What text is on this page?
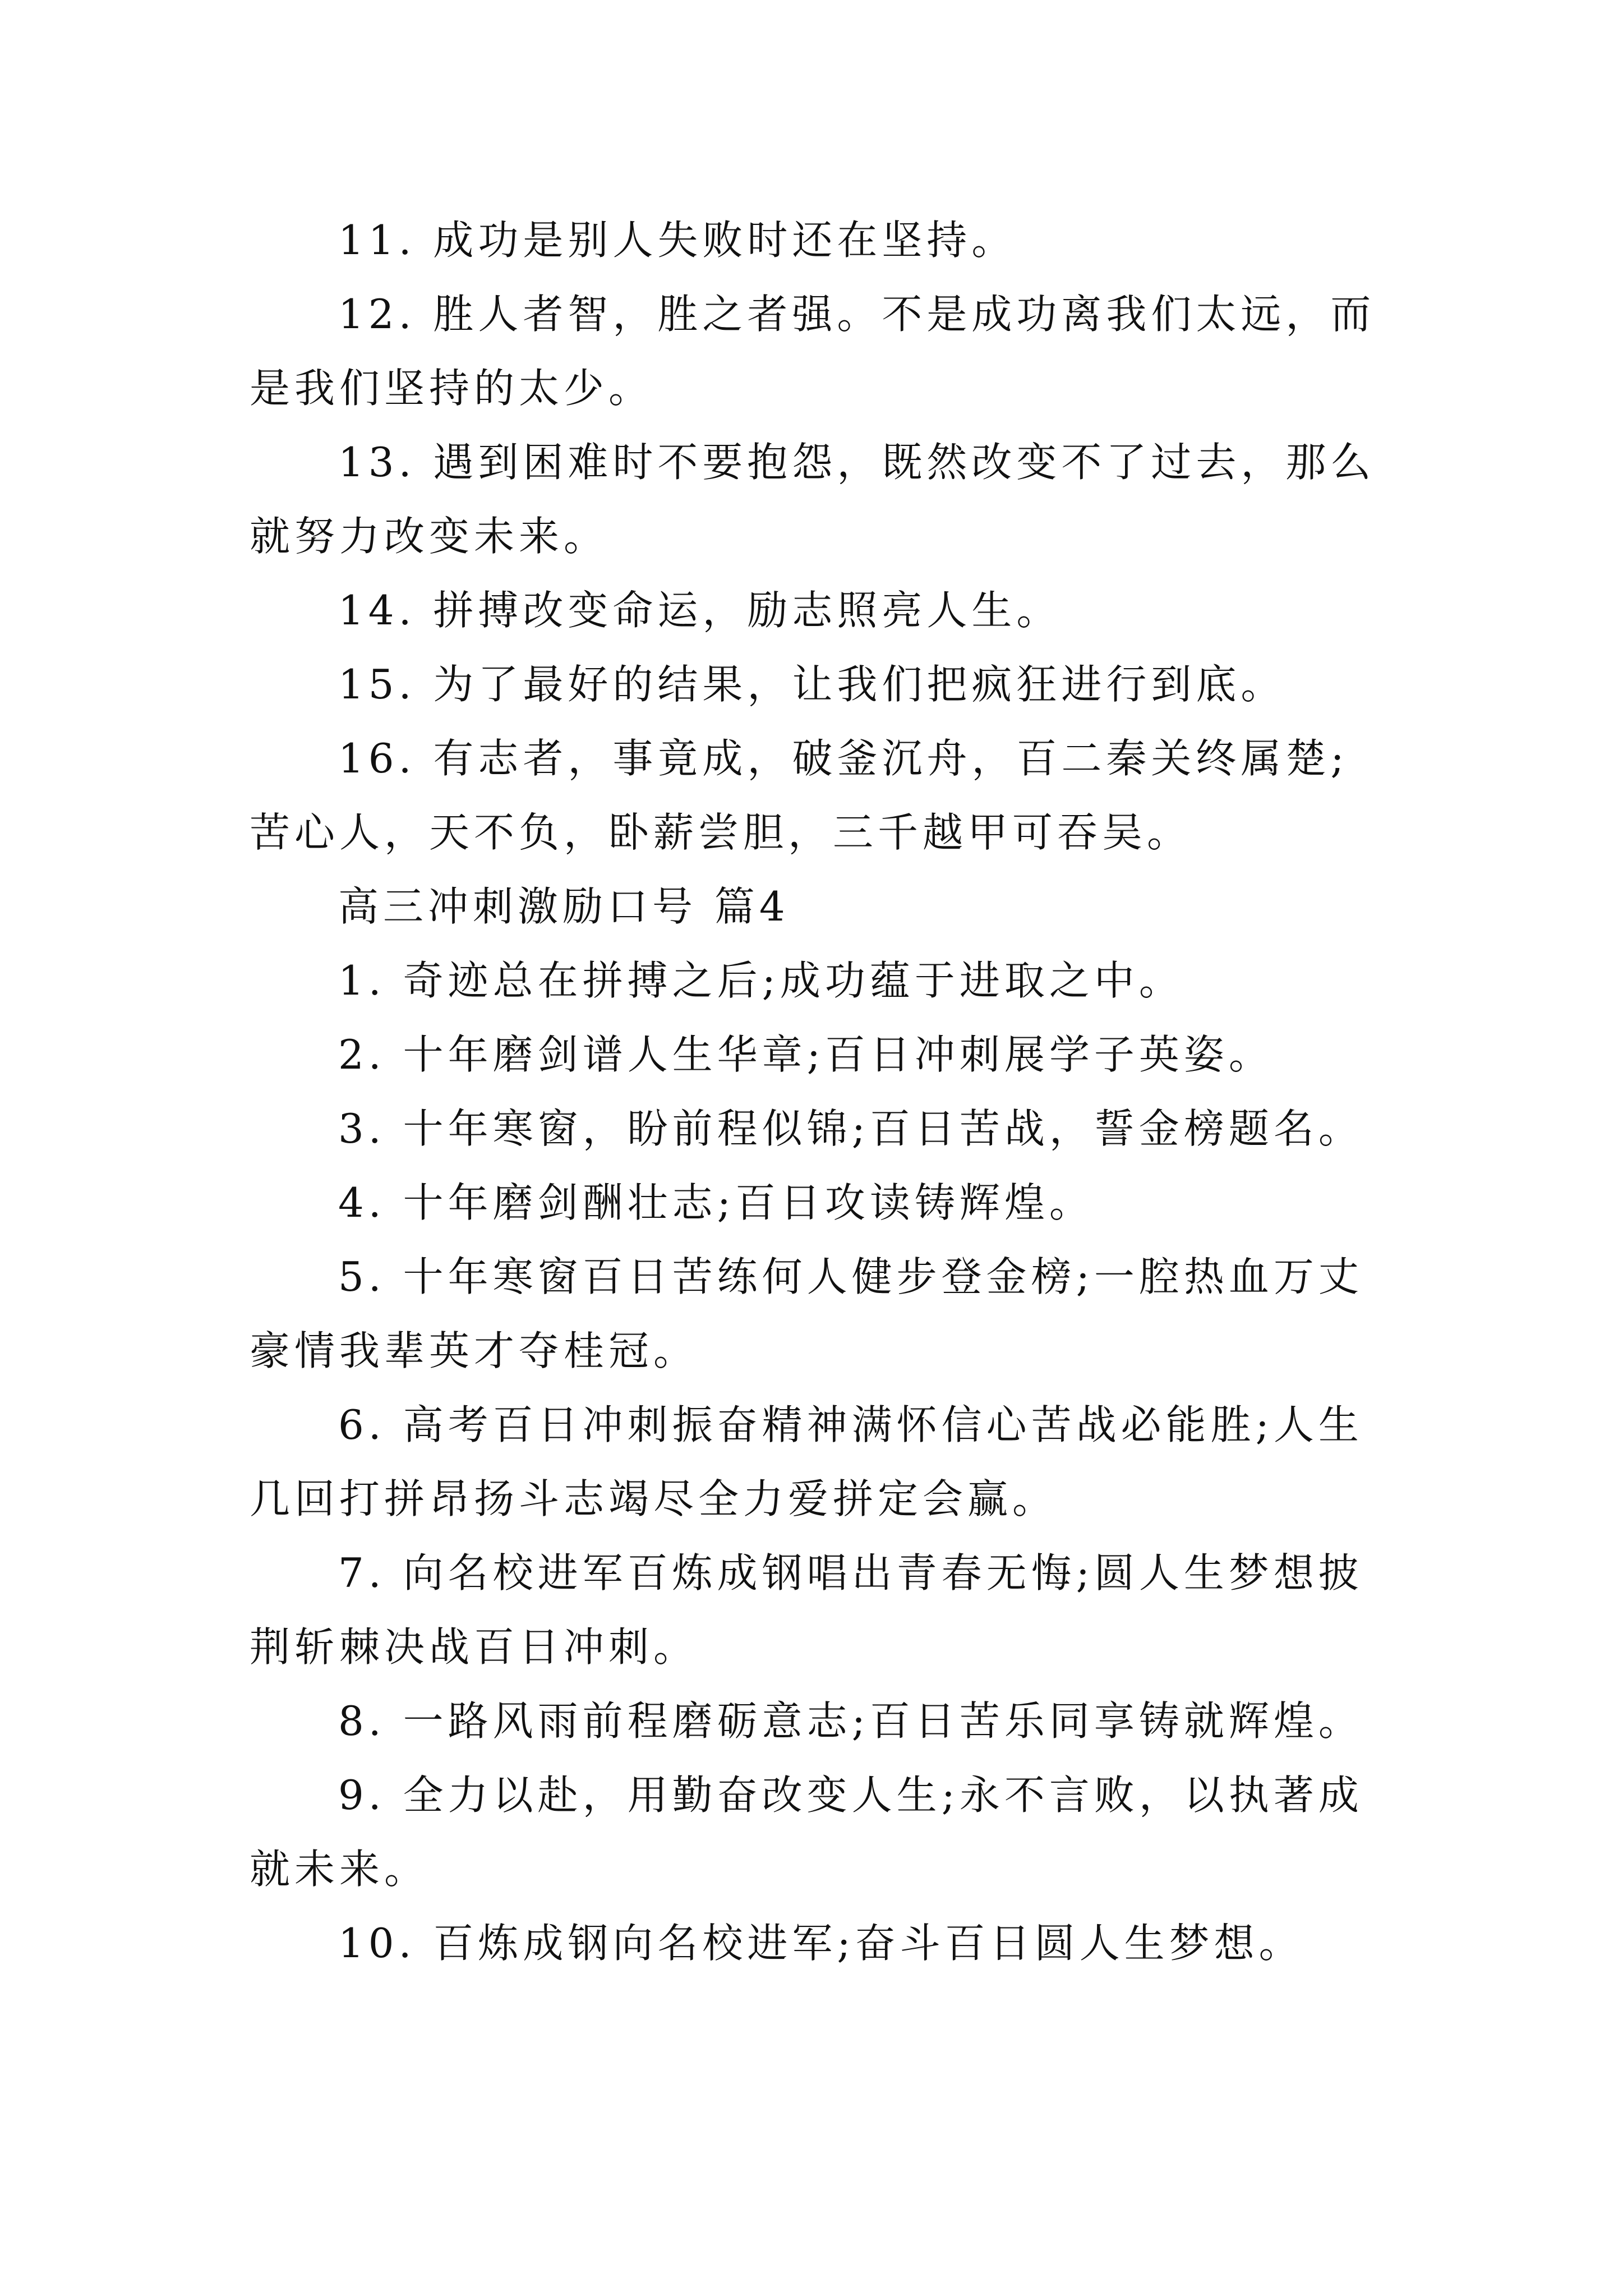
11. 成功是别人失败时还在坚持。

12. 胜人者智，胜之者强。不是成功离我们太远，而是我们坚持的太少。

13. 遇到困难时不要抱怨，既然改变不了过去，那么就努力改变未来。

14. 拼搏改变命运，励志照亮人生。

15. 为了最好的结果，让我们把疯狂进行到底。

16. 有志者，事竟成，破釜沉舟，百二秦关终属楚;苦心人，天不负，卧薪尝胆，三千越甲可吞吴。

高三冲刺激励口号 篇4

1. 奇迹总在拼搏之后;成功蕴于进取之中。

2. 十年磨剑谱人生华章;百日冲刺展学子英姿。

3. 十年寒窗，盼前程似锦;百日苦战，誓金榜题名。

4. 十年磨剑酬壮志;百日攻读铸辉煌。

5. 十年寒窗百日苦练何人健步登金榜;一腔热血万丈豪情我辈英才夺桂冠。

6. 高考百日冲刺振奋精神满怀信心苦战必能胜;人生几回打拼昂扬斗志竭尽全力爱拼定会赢。

7. 向名校进军百炼成钢唱出青春无悔;圆人生梦想披荆斩棘决战百日冲刺。

8. 一路风雨前程磨砺意志;百日苦乐同享铸就辉煌。

9. 全力以赴，用勤奋改变人生;永不言败，以执著成就未来。

10. 百炼成钢向名校进军;奋斗百日圆人生梦想。
